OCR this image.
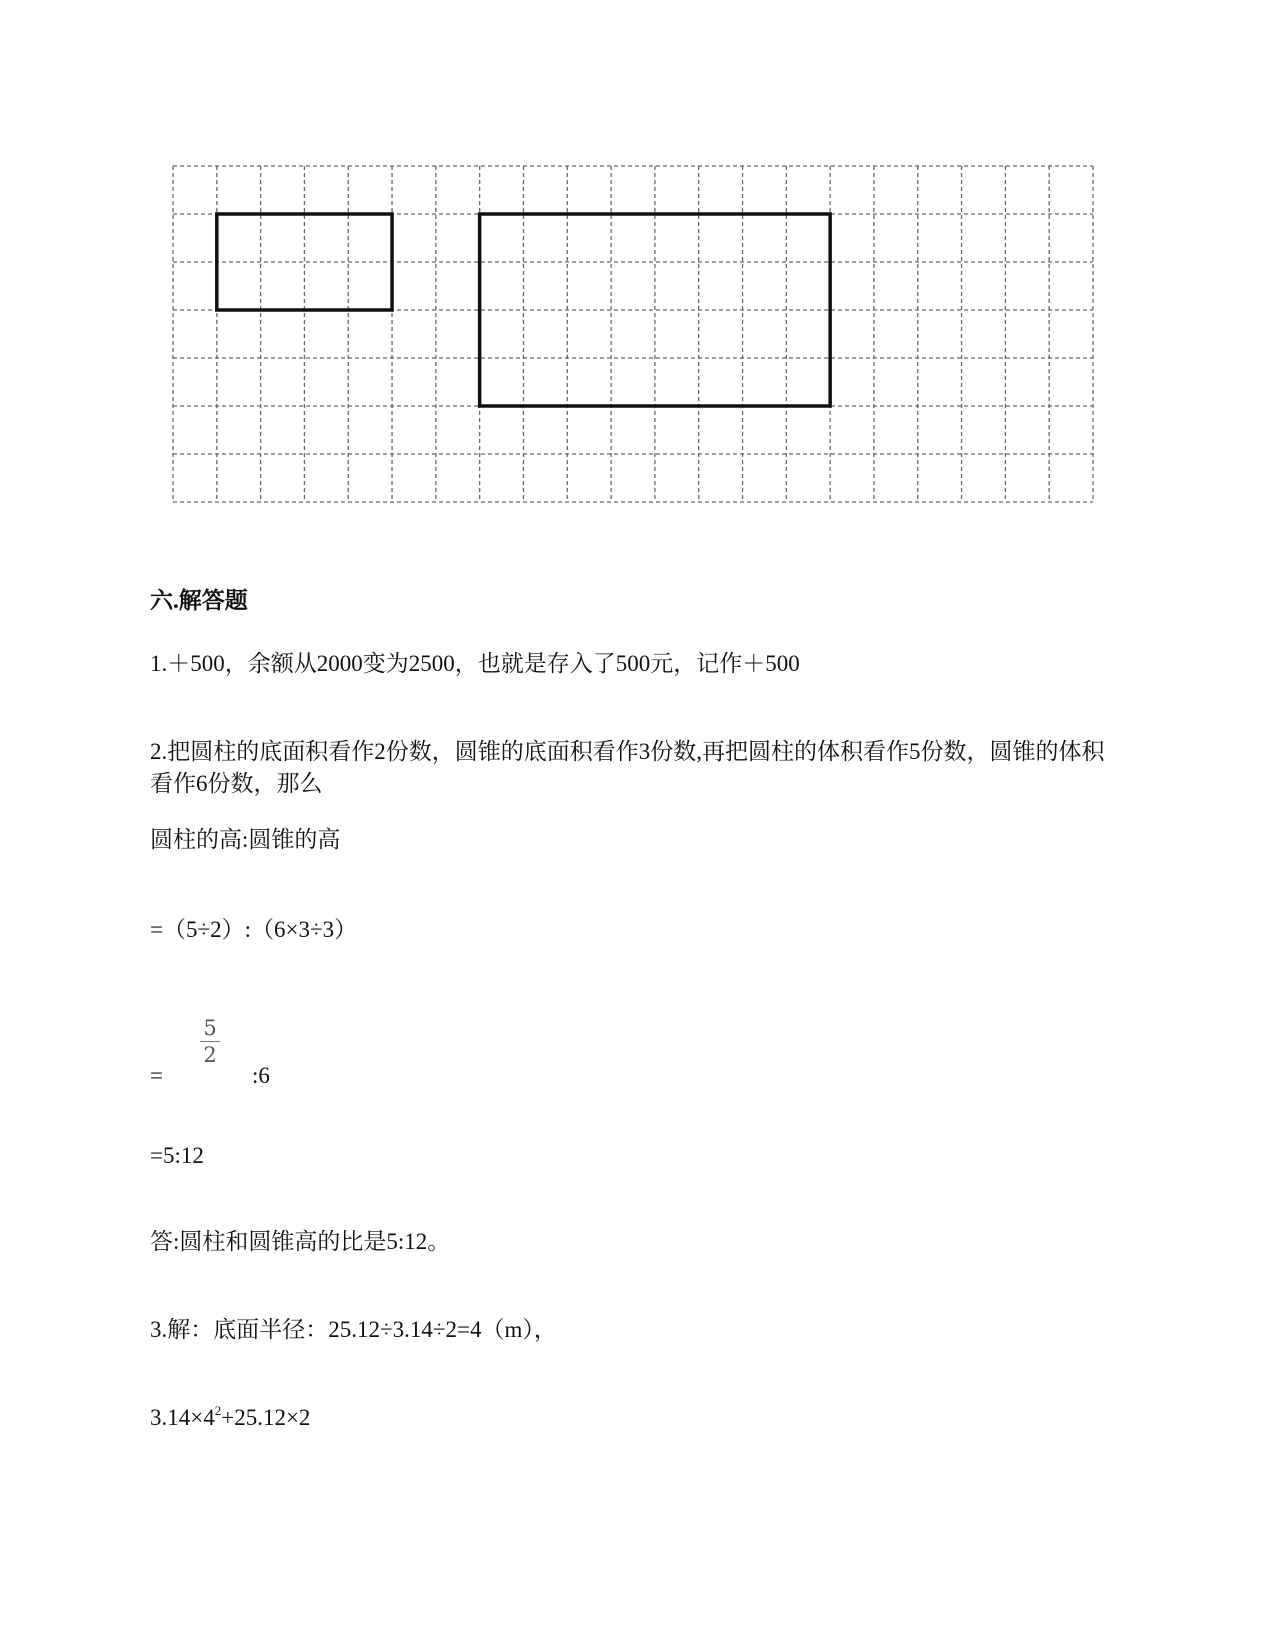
六.解答题
1.＋500，余额从2000变为2500，也就是存入了500元，记作＋500
2.把圆柱的底面积看作2份数，圆锥的底面积看作3份数,再把圆柱的体积看作5份数，圆锥的体积看作6份数，那么
圆柱的高:圆锥的高
=（5÷2）:（6×3÷3）
=
5
2
:6
=5:12
答:圆柱和圆锥高的比是5:12。
3.解：底面半径：25.12÷3.14÷2=4（m），
$3.14\times 4^2+25.12\times 2$
